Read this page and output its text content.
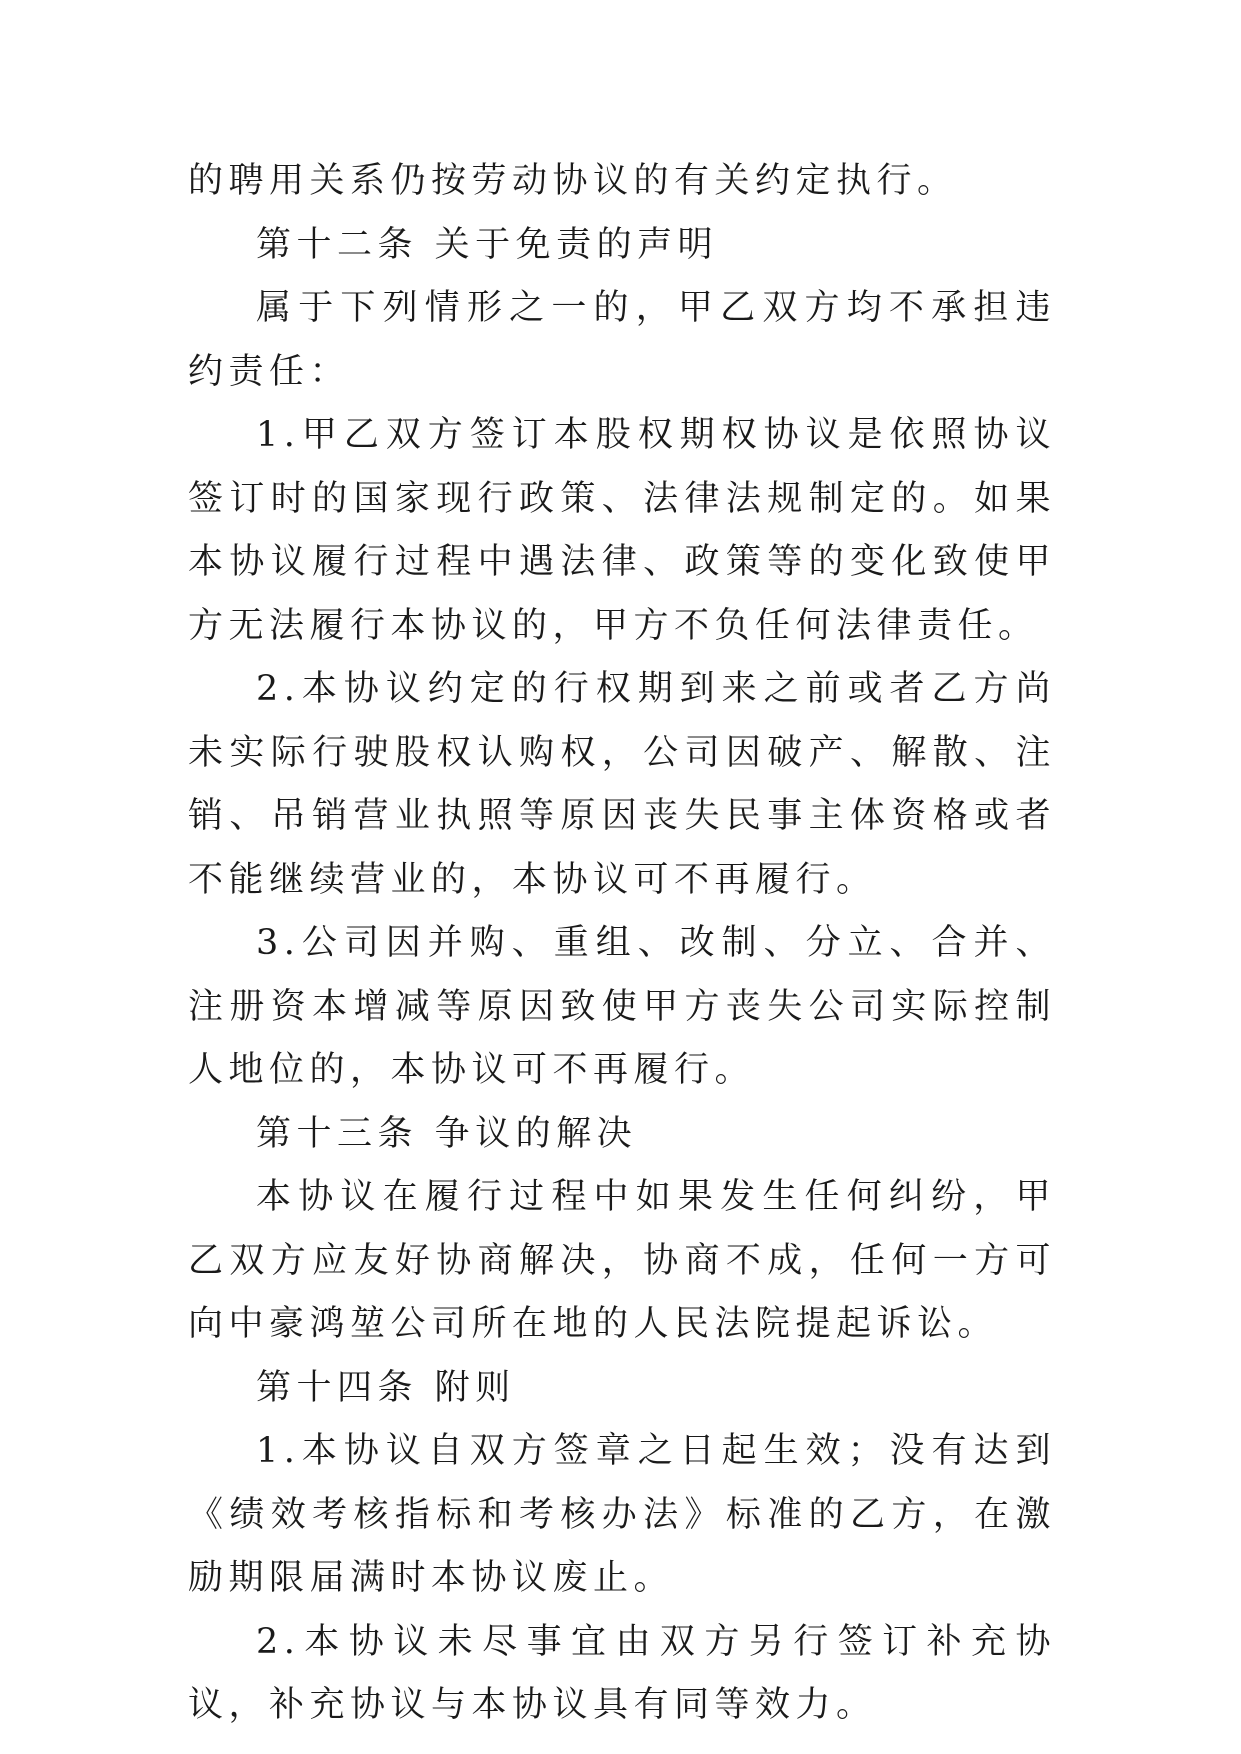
的聘用关系仍按劳动协议的有关约定执行。

第十二条 关于免责的声明

属于下列情形之一的，甲乙双方均不承担违约责任：

1.甲乙双方签订本股权期权协议是依照协议签订时的国家现行政策、法律法规制定的。如果本协议履行过程中遇法律、政策等的变化致使甲方无法履行本协议的，甲方不负任何法律责任。

2.本协议约定的行权期到来之前或者乙方尚未实际行驶股权认购权，公司因破产、解散、注销、吊销营业执照等原因丧失民事主体资格或者不能继续营业的，本协议可不再履行。

3.公司因并购、重组、改制、分立、合并、注册资本增减等原因致使甲方丧失公司实际控制人地位的，本协议可不再履行。

第十三条 争议的解决

本协议在履行过程中如果发生任何纠纷，甲乙双方应友好协商解决，协商不成，任何一方可向中豪鸿堃公司所在地的人民法院提起诉讼。

第十四条 附则

1.本协议自双方签章之日起生效；没有达到《绩效考核指标和考核办法》标准的乙方，在激励期限届满时本协议废止。

2.本协议未尽事宜由双方另行签订补充协议，补充协议与本协议具有同等效力。
